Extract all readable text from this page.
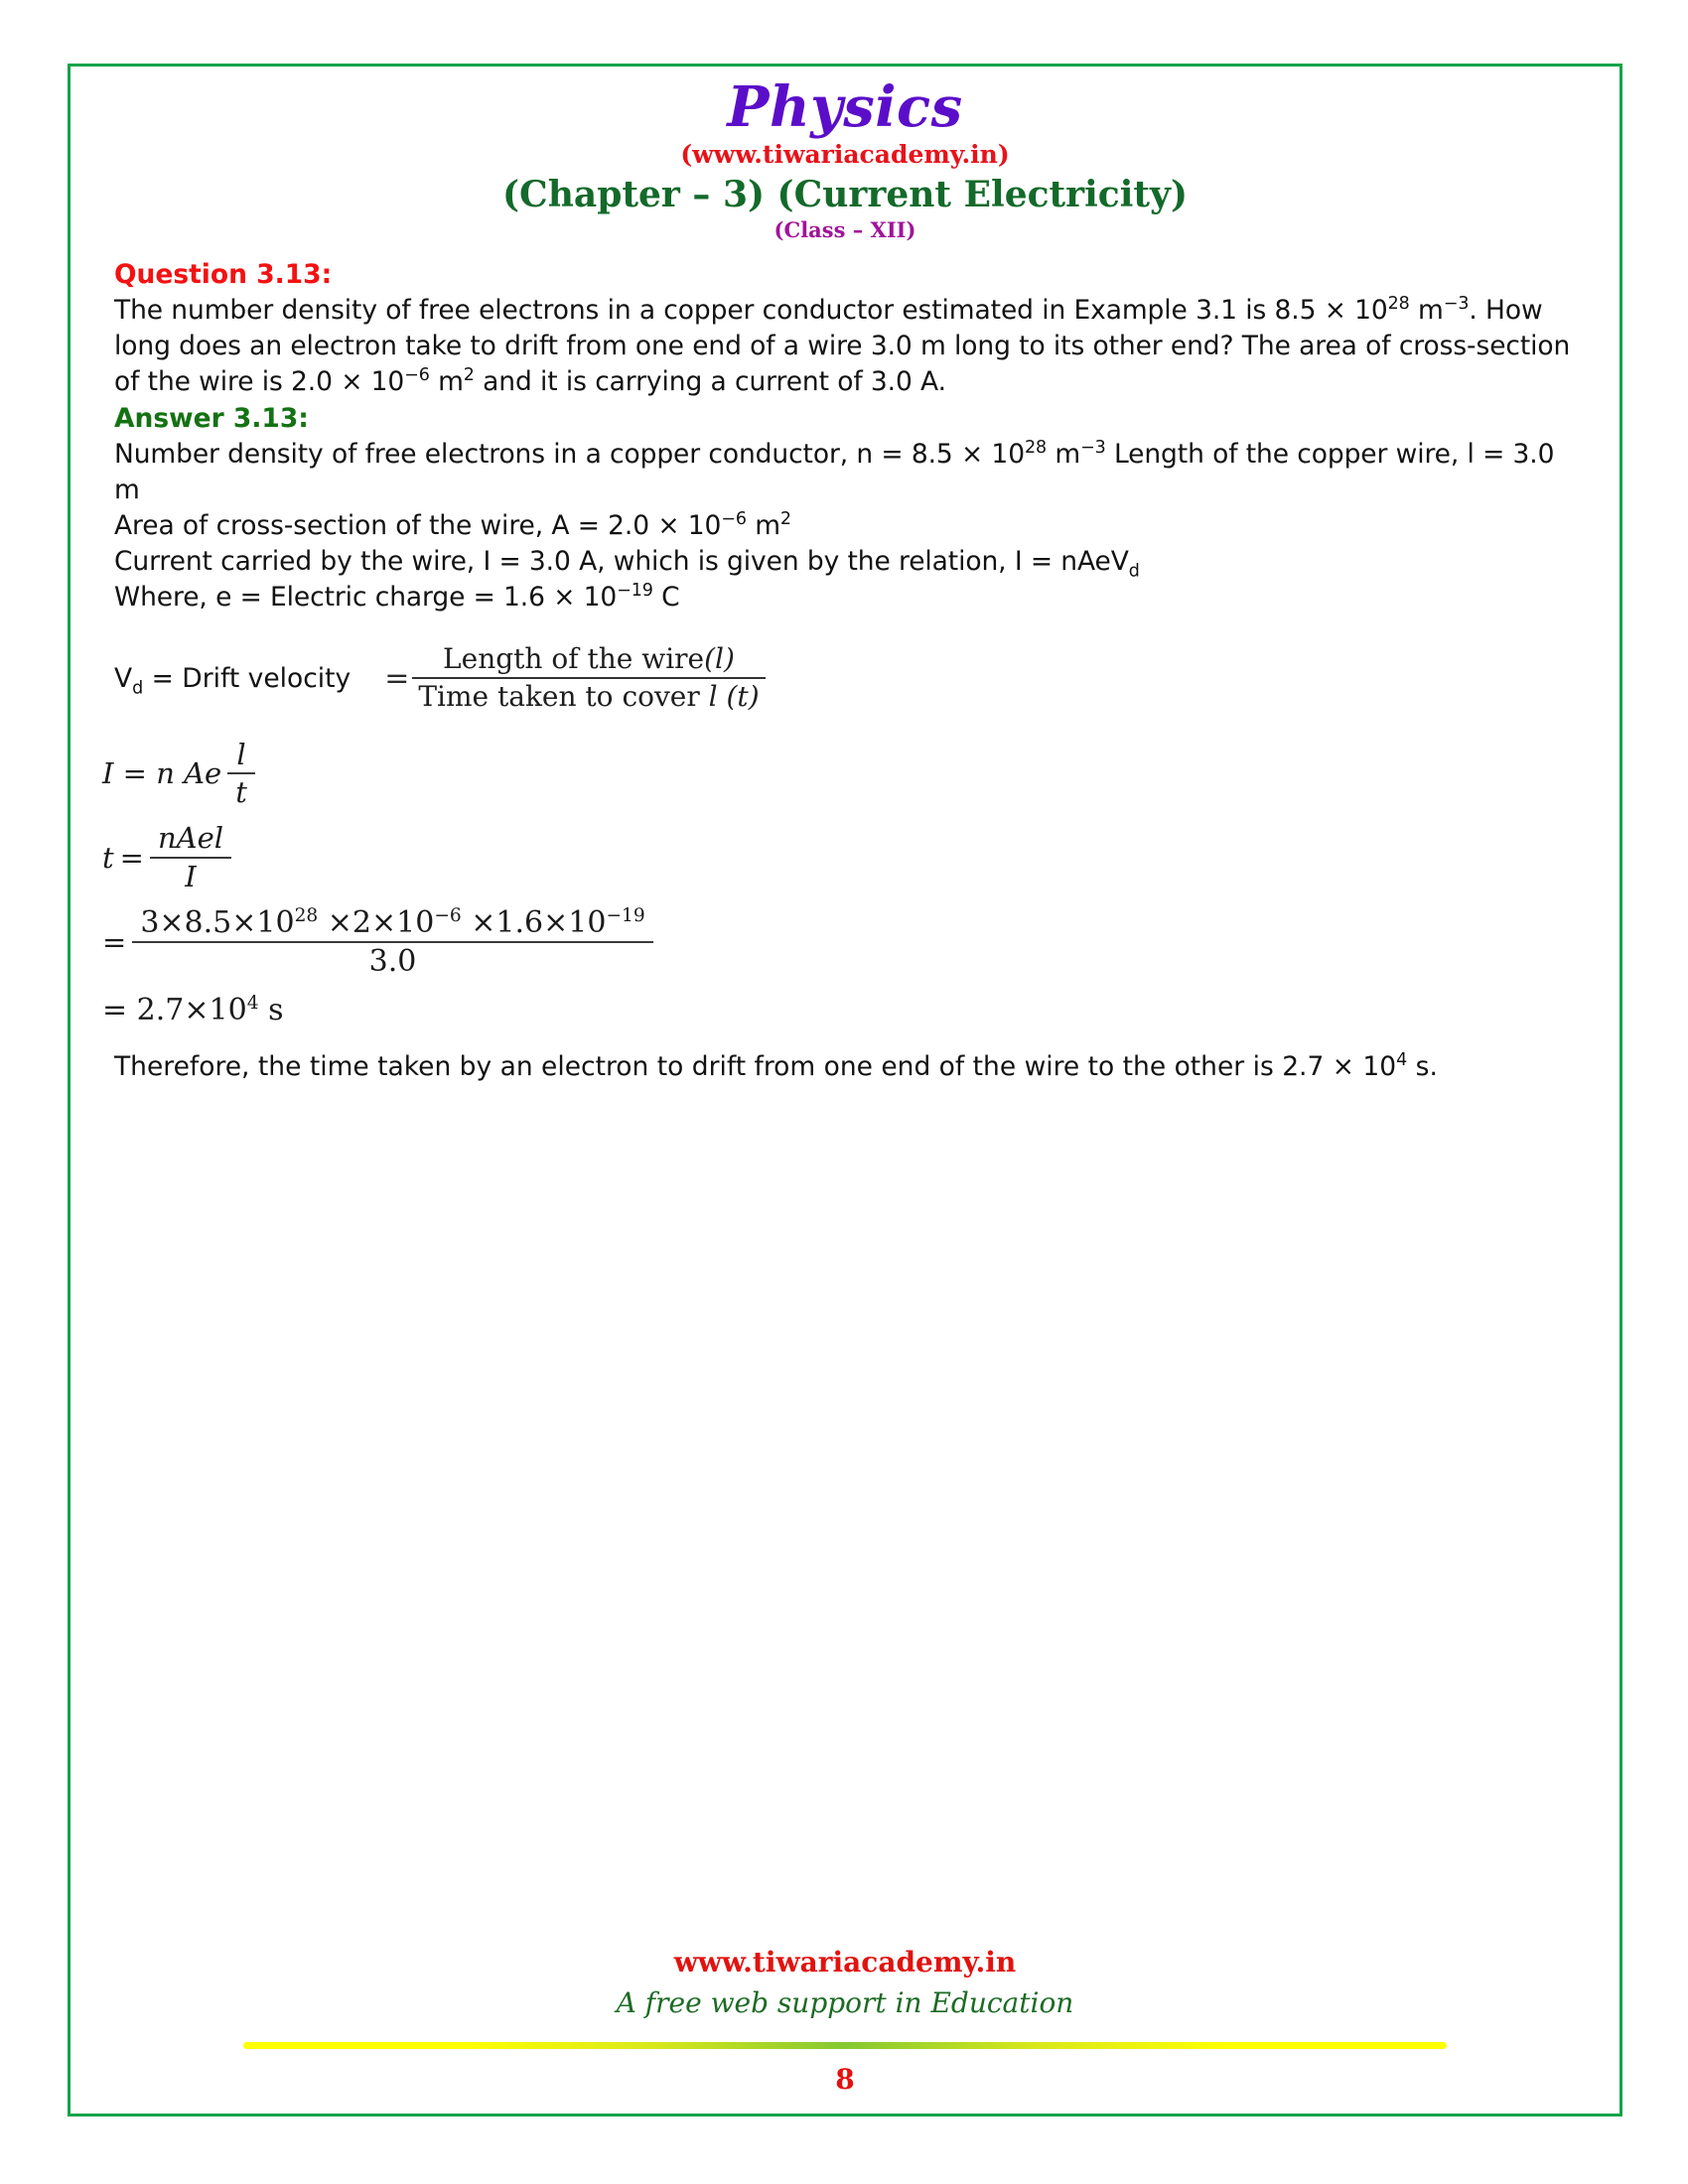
Physics
(www.tiwariacademy.in)
(Chapter – 3) (Current Electricity)
(Class – XII)
Question 3.13:

The number density of free electrons in a copper conductor estimated in Example 3.1 is $8.5 \times 10^{28}$ $m^{-3}$. How long does an electron take to drift from one end of a wire 3.0 m long to its other end? The area of cross-section of the wire is $2.0 \times 10^{-6}$ $m^2$ and it is carrying a current of 3.0 A.

Answer 3.13:

Number density of free electrons in a copper conductor, $n = 8.5 \times 10^{28}$ $m^{-3}$ Length of the copper wire, l = 3.0 m

Area of cross-section of the wire, $A = 2.0 \times 10^{-6}$ $m^2$

Current carried by the wire, I = 3.0 A, which is given by the relation, I = nAeV$_d$

Where, e = Electric charge = $1.6 \times 10^{-19}$ C

$V_d$ = Drift velocity = $\frac{\text{Length of the wire(l)}}{\text{Time taken to cover l (t)}}$
I = n Ae $\frac{l}{t}$
$t = \frac{\text{nAel}}{I}$
= $\frac{3\times 8.5\times 10^{28} \times 2\times 10^{-6} \times 1.6\times 10^{-19}}{3.0}$
= $2.7\times 10^4$ s

Therefore, the time taken by an electron to drift from one end of the wire to the other is $2.7 \times 10^4$ s.

www.tiwariacademy.in
A free web support in Education
8
